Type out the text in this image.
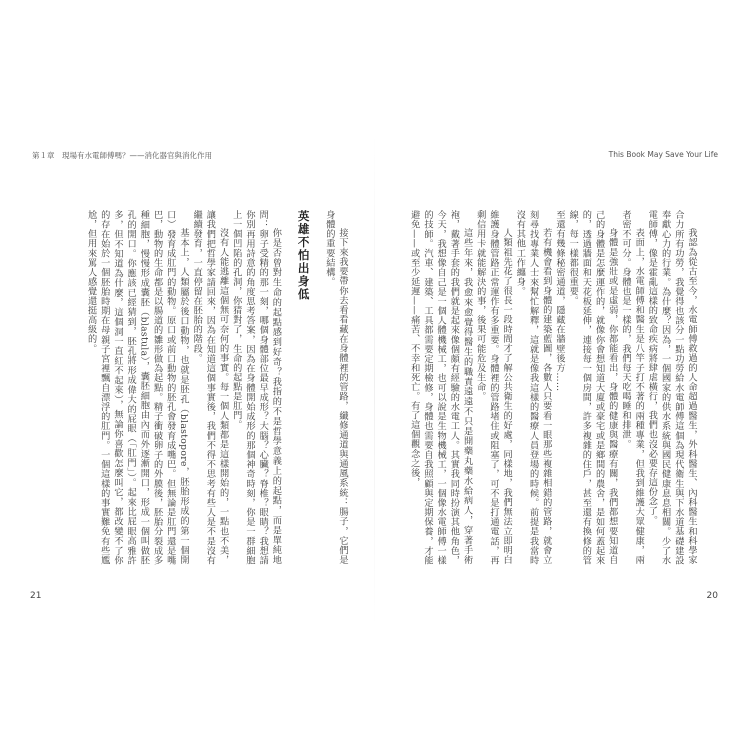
This Book May Save Your Life

我認為從古至今，水電師傅救過的人命超過醫生，外科醫生、內科醫生和科學家合力所有功勞，我覺得也該分一點功勞給水電師傅這個為現代衛生與下水道基礎建設奉獻心力的行業。為什麼？因為，一個國家的供水系統與國民健康息息相關。少了水電師傅，像是霍亂這樣的致命疾病將肆虐橫行，我們也沒必要存這份念了。

表面上，水電師傅和醫生是八竿子打不著的兩種專業，但我到維護大眾健康，兩者密不可分。身體也是一樣的，我們每天吃喝睡和排泄。

身體是強壯或是虛弱，你都能看出，身體的健康與醫療有關，我們都想要知道自己的身體是怎麼運作的，就像你會想知道大廈或豪宅或是鄉間的農舍，是如何蓋起來的，透過牆面和天花板延伸，連接每一個房間，許多複雜的住戶，甚至還有換修的管線，每一樣都很重要。

至還有幾條秘密通道，隱藏在牆壁後方……

若有機會看到身體的建築藍圖，各數人只要看一眼那些複雜相錯的管路，就會立刻尋找專業人士來幫忙解釋，這就是像我這樣的醫療人員登場的時候。前提是我當時沒有其他工作纏身。

人類祖先花了很長一段時間才了解公共衛生的好處，同樣地，我們無法立即明白維護身體管路正常運作有多重要。身體裡的管路堵住或阻塞了，可不是打通電話，再剩信用卡就能解決的事，後果可能危及生命。

這些年來，我愈來愈覺得醫生的職責遠遠不只是開藥丸藥水給病人，穿著手術袍，戴著手套的我們就是起來像個頗有經驗的水電工人。其實我同時扮演其他角色，今天，我想像自己是一個人體機械工，也可以說是生物機械工，一個像水電師傅一樣的技師。汽車、建築、工具都需要定期檢修，身體也需要自我照顧與定期保養，才能避免——或至少延遲——痛苦、不幸和死亡。有了這個觀念之後，

20
第１章　現場有水電師傅嗎？——消化器官與消化作用

接下來我要帶你去看看藏在身體裡的管路，纖修通道與通風系統：腸子，它們是身體的重要結構。

英雄不怕出身低

你是否曾對生命的起點感到好奇？我指的不是哲學意義上的起點，而是單純地問：卵子受精的那一刻，哪個身體部位最早成形？大腦？心臟？脊椎？眼睛？我想請你別再用詩意的角度思考答案，因為在身體開始成形的那個神奇時刻，你是一群細胞上一個凹陷的孔洞，你猜對了，生命的起點是肛門。

沒有人能逃離這個無可奈何的事實。每一個人類都是這樣開始的，一點也不美，讓我們把哲學家請回來，因為在知道這個事實後，我們不得不思考有些人是不是沒有繼續發育，一直停留在胚胎的階段。

基本上，人類屬於後口動物，也就是胚孔（blastopore，胚胎形成的第一個開口）發育成肛門的動物。原口或前口動物的胚孔會發育成嘴巴。但無論是肛門還是嘴巴，動物的生命都是以腸道的雛形做為起點。精子衝破卵子的外膜後，胚胎分裂成多種細胞，慢慢形成囊胚（blastula），囊胚細胞由內而外逐漸開口，形成一個叫做胚孔的開口。你應該已經猜到，胚孔將形成偉大的屁眼（「肛門」）。起來比屁眼高雅許多，但不知道為什麼，這個洞一直紅不起來），無論你喜歡怎麼叫它，都改變不了你的存在始於一個胚胎時期在母親子宮裡飄自漂浮的肛門。一個這樣的事實難免有些尷尬，但用來罵人感覺還挺高級的。

21
